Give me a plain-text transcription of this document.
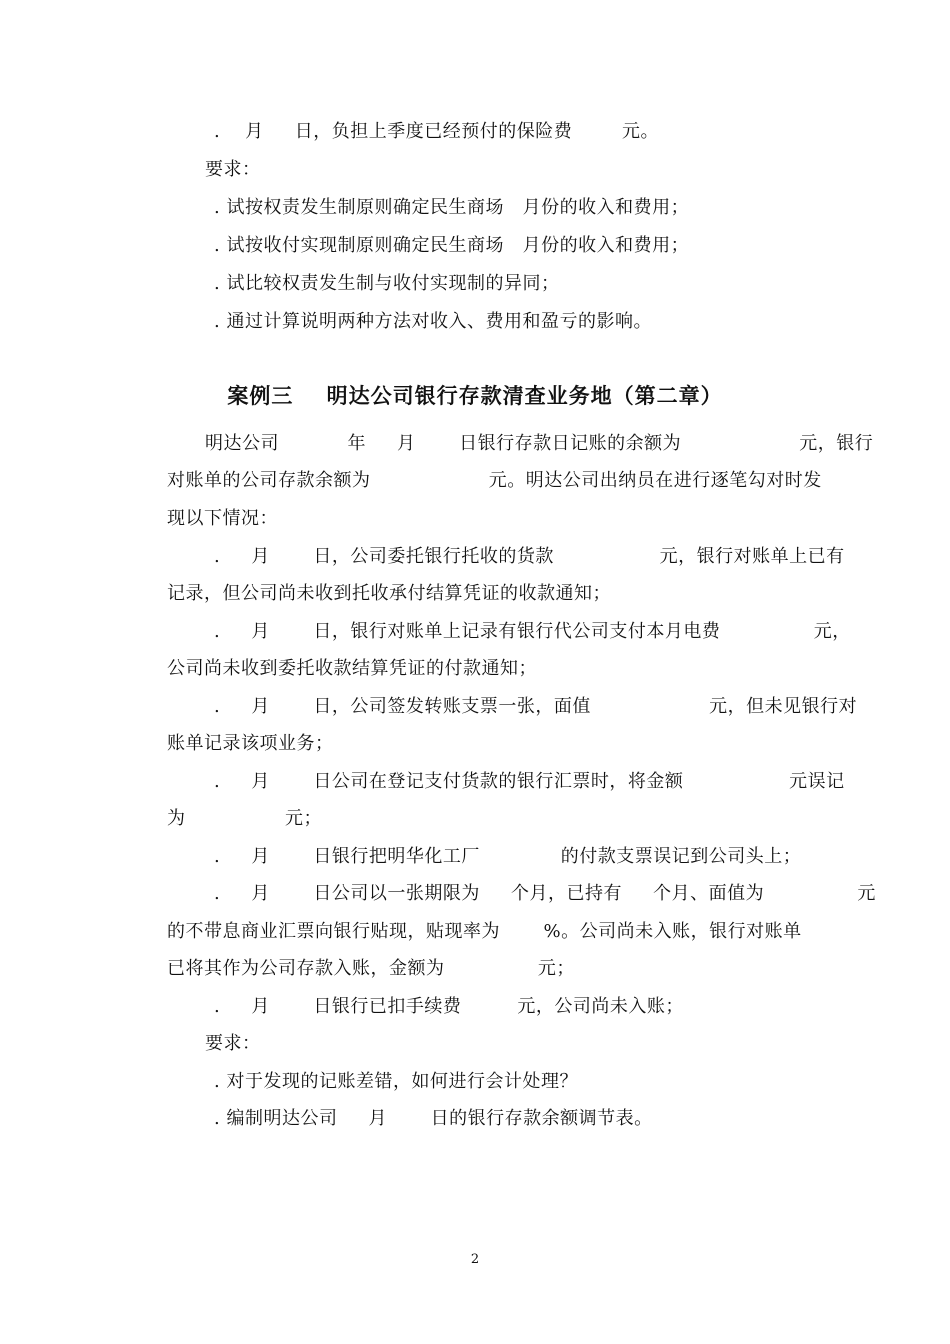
.    月     日，负担上季度已经预付的保险费        元。
要求：
. 试按权责发生制原则确定民生商场   月份的收入和费用；
. 试按收付实现制原则确定民生商场   月份的收入和费用；
. 试比较权责发生制与收付实现制的异同；
. 通过计算说明两种方法对收入、费用和盈亏的影响。
案例三    明达公司银行存款清查业务地（第二章）
明达公司           年     月       日银行存款日记账的余额为                   元，银行
对账单的公司存款余额为                   元。明达公司出纳员在进行逐笔勾对时发
现以下情况：
.     月       日，公司委托银行托收的货款                 元，银行对账单上已有
记录，但公司尚未收到托收承付结算凭证的收款通知；
.     月       日，银行对账单上记录有银行代公司支付本月电费               元，
公司尚未收到委托收款结算凭证的付款通知；
.     月       日，公司签发转账支票一张，面值                   元，但未见银行对
账单记录该项业务；
.     月       日公司在登记支付货款的银行汇票时，将金额                 元误记
为                元；
.     月       日银行把明华化工厂             的付款支票误记到公司头上；
.     月       日公司以一张期限为     个月，已持有     个月、面值为               元
的不带息商业汇票向银行贴现，贴现率为       %。公司尚未入账，银行对账单
已将其作为公司存款入账，金额为               元；
.     月       日银行已扣手续费         元，公司尚未入账；
要求：
. 对于发现的记账差错，如何进行会计处理？
. 编制明达公司     月       日的银行存款余额调节表。
2
